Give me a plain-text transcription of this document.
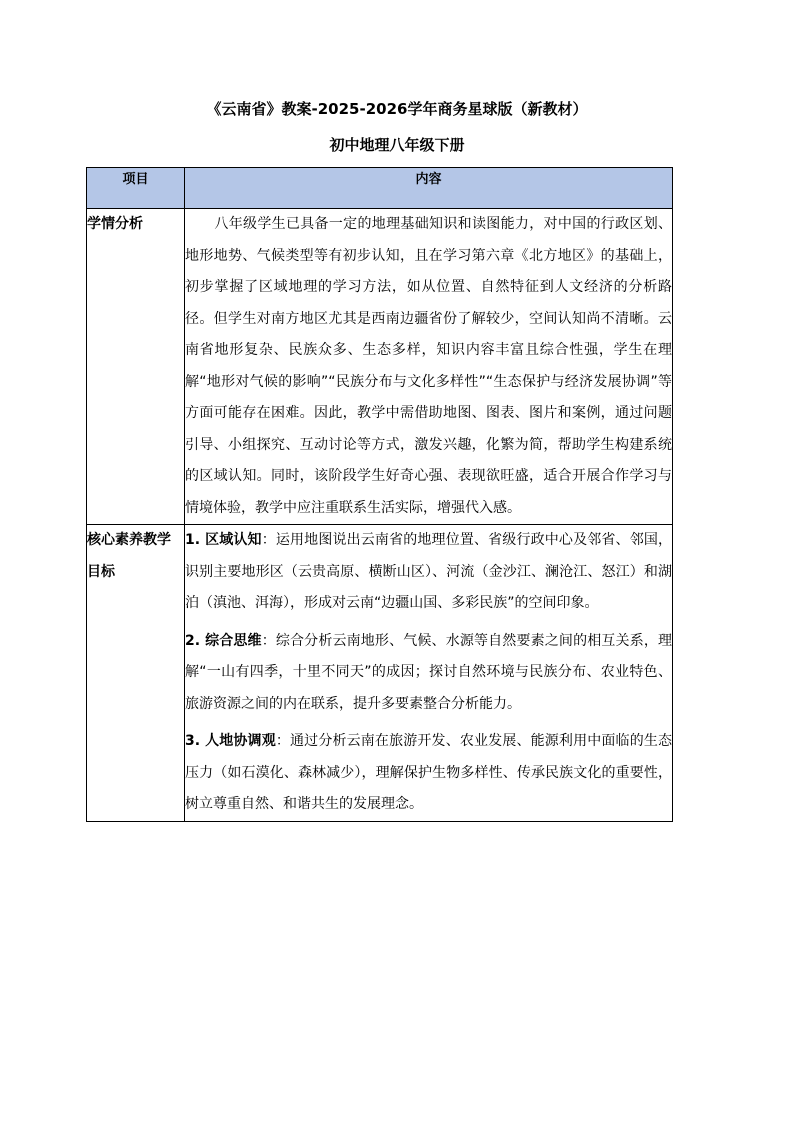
《云南省》教案-2025-2026学年商务星球版（新教材）
初中地理八年级下册
项目	内容
学情分析	八年级学生已具备一定的地理基础知识和读图能力，对中国的行政区划、地形地势、气候类型等有初步认知，且在学习第六章《北方地区》的基础上，初步掌握了区域地理的学习方法，如从位置、自然特征到人文经济的分析路径。但学生对南方地区尤其是西南边疆省份了解较少，空间认知尚不清晰。云南省地形复杂、民族众多、生态多样，知识内容丰富且综合性强，学生在理解“地形对气候的影响”“民族分布与文化多样性”“生态保护与经济发展协调”等方面可能存在困难。因此，教学中需借助地图、图表、图片和案例，通过问题引导、小组探究、互动讨论等方式，激发兴趣，化繁为简，帮助学生构建系统的区域认知。同时，该阶段学生好奇心强、表现欲旺盛，适合开展合作学习与情境体验，教学中应注重联系生活实际，增强代入感。

核心素养教学目标	1. 区域认知：运用地图说出云南省的地理位置、省级行政中心及邻省、邻国，识别主要地形区（云贵高原、横断山区）、河流（金沙江、澜沧江、怒江）和湖泊（滇池、洱海），形成对云南“边疆山国、多彩民族”的空间印象。

2. 综合思维：综合分析云南地形、气候、水源等自然要素之间的相互关系，理解“一山有四季，十里不同天”的成因；探讨自然环境与民族分布、农业特色、旅游资源之间的内在联系，提升多要素整合分析能力。

3. 人地协调观：通过分析云南在旅游开发、农业发展、能源利用中面临的生态压力（如石漠化、森林减少），理解保护生物多样性、传承民族文化的重要性，树立尊重自然、和谐共生的发展理念。
